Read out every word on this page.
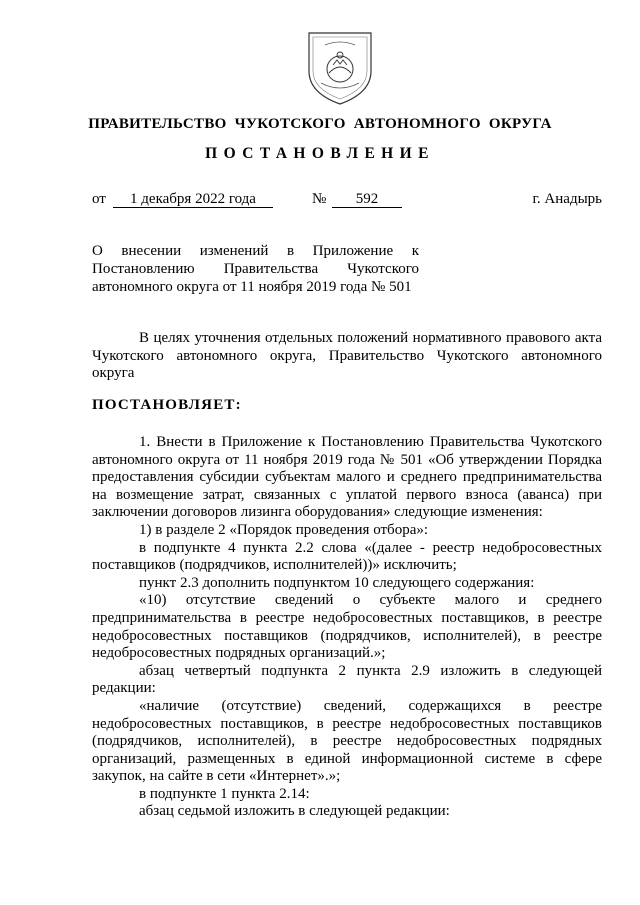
ПРАВИТЕЛЬСТВО ЧУКОТСКОГО АВТОНОМНОГО ОКРУГА
ПОСТАНОВЛЕНИЕ
от	1 декабря 2022 года	№	592	г. Анадырь
О внесении изменений в Приложение к
Постановлению Правительства Чукотского
автономного округа от 11 ноября 2019 года № 501

В целях уточнения отдельных положений нормативного правового акта Чукотского автономного округа, Правительство Чукотского автономного округа

ПОСТАНОВЛЯЕТ:

1. Внести в Приложение к Постановлению Правительства Чукотского автономного округа от 11 ноября 2019 года № 501 «Об утверждении Порядка предоставления субсидии субъектам малого и среднего предпринимательства на возмещение затрат, связанных с уплатой первого взноса (аванса) при заключении договоров лизинга оборудования» следующие изменения:

1) в разделе 2 «Порядок проведения отбора»:

в подпункте 4 пункта 2.2 слова «(далее - реестр недобросовестных поставщиков (подрядчиков, исполнителей))» исключить;

пункт 2.3 дополнить подпунктом 10 следующего содержания:

«10) отсутствие сведений о субъекте малого и среднего предпринимательства в реестре недобросовестных поставщиков, в реестре недобросовестных поставщиков (подрядчиков, исполнителей), в реестре недобросовестных подрядных организаций.»;

абзац четвертый подпункта 2 пункта 2.9 изложить в следующей редакции:

«наличие (отсутствие) сведений, содержащихся в реестре недобросовестных поставщиков, в реестре недобросовестных поставщиков (подрядчиков, исполнителей), в реестре недобросовестных подрядных организаций, размещенных в единой информационной системе в сфере закупок, на сайте в сети «Интернет».»;

в подпункте 1 пункта 2.14:

абзац седьмой изложить в следующей редакции:
